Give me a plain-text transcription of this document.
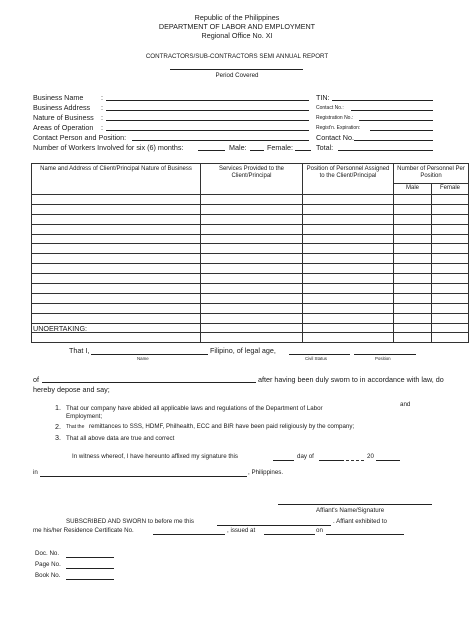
Republic of the Philippines
DEPARTMENT OF LABOR AND EMPLOYMENT
Regional Office No. XI
CONTRACTORS/SUB-CONTRACTORS SEMI ANNUAL REPORT
Period Covered
Business Name :	TIN:
Business Address :	Contact No.:
Nature of Business :	Registration No.:
Areas of Operation :	Regist'n. Expiration:
Contact Person and Position:	Contact No.
Number of Workers Involved for six (6) months:	Male:	Female:	Total:
Name and Address of Client/Principal Nature of Business	Services Provided to the Client/Principal	Position of Personnel Assigned to the Client/Principal	Number of Personnel Per Position	
			Male	Female

UNOERTAKING:
That I,	Filipino, of legal age,
Name	Civil Status	Position
of	after having been duly sworn to in accordance with law, do
hereby depose and say;
1. That our company have abided all applicable laws and regulations of the Department of Labor
and
Employment;
2. That the remittances to SSS, HDMF, Philhealth, ECC and BIR have been paid religiously by the company;
3. That all above data are true and correct
In witness whereof, I have hereunto affixed my signature this	day of	20
in	, Philippines.
Affiant's Name/Signature
SUBSCRIBED AND SWORN to before me this	. Affiant exhibited to
me his/her Residence Certificate No.	, issued at	on
Doc. No.
Page No.
Book No.
